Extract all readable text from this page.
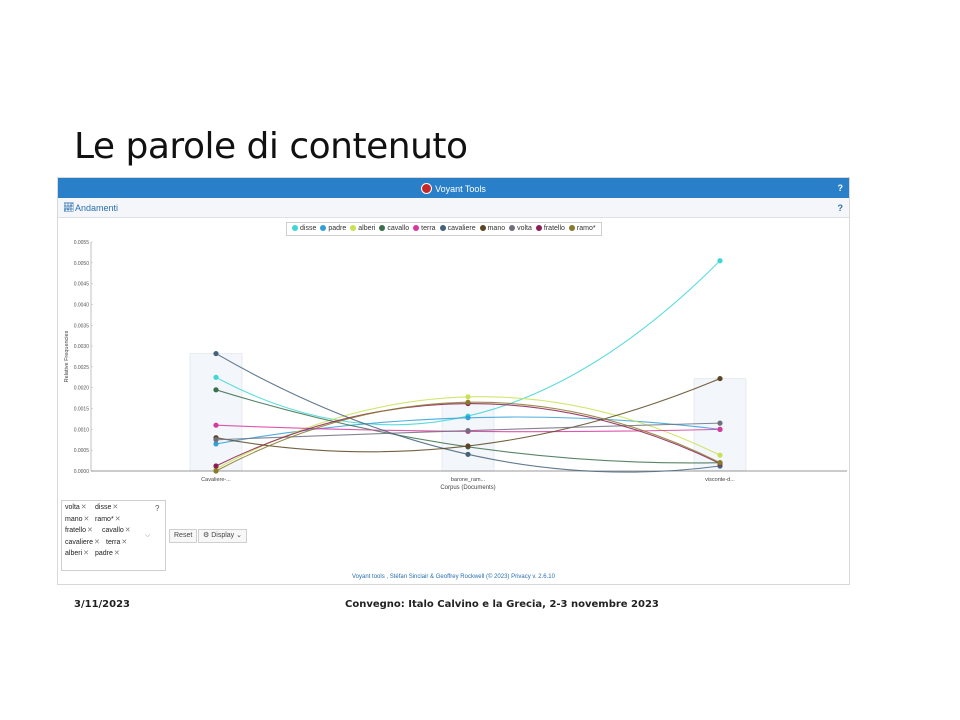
Le parole di contenuto
Voyant Tools	?
📈︎ Andamenti	?
disse padre alberi cavallo terra cavaliere mano volta fratello ramo*
0.0055
0.0050
0.0045
0.0040
0.0035
0.0030
0.0025
0.0020
0.0015
0.0010
0.0005
0.0000
Relative Frequencies
Cavaliere-...	barone_ram...	visconte-d...
Corpus (Documents)
volta✕ disse✕
mano✕ ramo*✕
fratello✕ cavallo✕
cavaliere✕ terra✕
alberi✕ padre✕
?
⌵	Reset	⚙ Display ⌄
Voyant tools , Stéfan Sinclair & Geoffrey Rockwell (© 2023) Privacy v. 2.6.10
3/11/2023	Convegno: Italo Calvino e la Grecia, 2-3 novembre 2023
